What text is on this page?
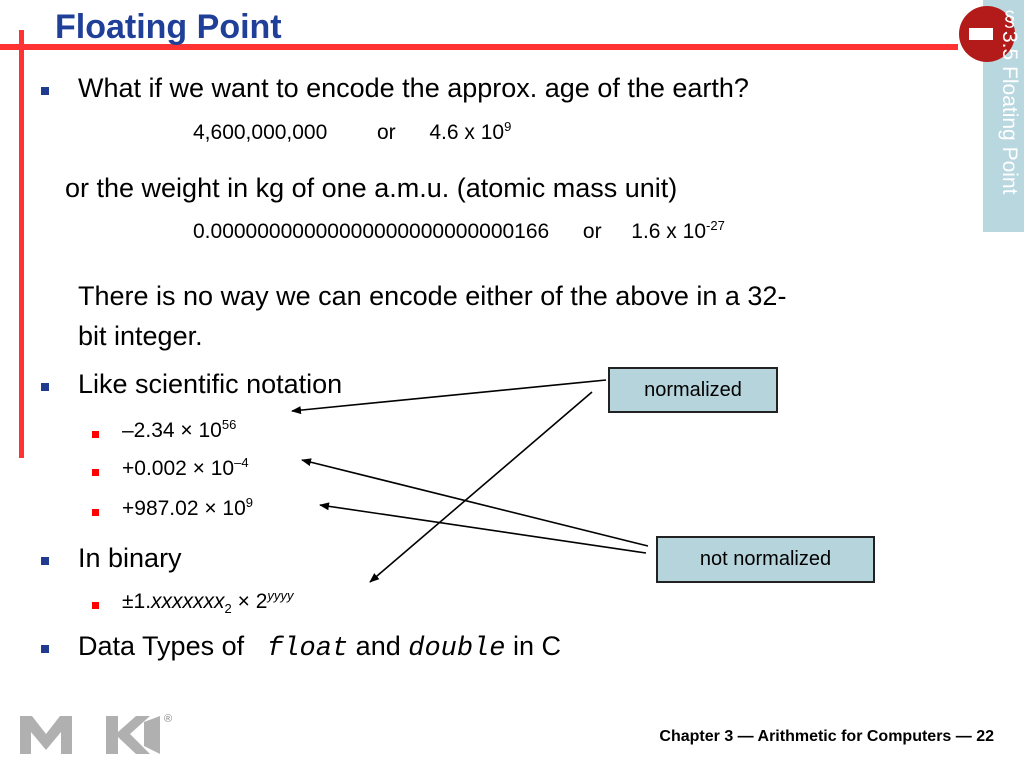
Floating Point	§3.5 Floating Point
What if we want to encode the approx. age of the earth?
4,600,000,000 or 4.6 x $10^9$
or the weight in kg of one a.m.u. (atomic mass unit)
0.00000000000000000000000000166 or 1.6 x $10^{-27}$
There is no way we can encode either of the above in a 32-
bit integer.
Like scientific notation
$-2.34 \times 10^{56}$
$+0.002 \times 10^{-4}$
$+987.02 \times 10^9$
In binary
±1.xxxxxxx$_2$ × $2^{yyyy}$
Data Types of float and double in C
normalized
not normalized
®
Chapter 3 — Arithmetic for Computers — 22
